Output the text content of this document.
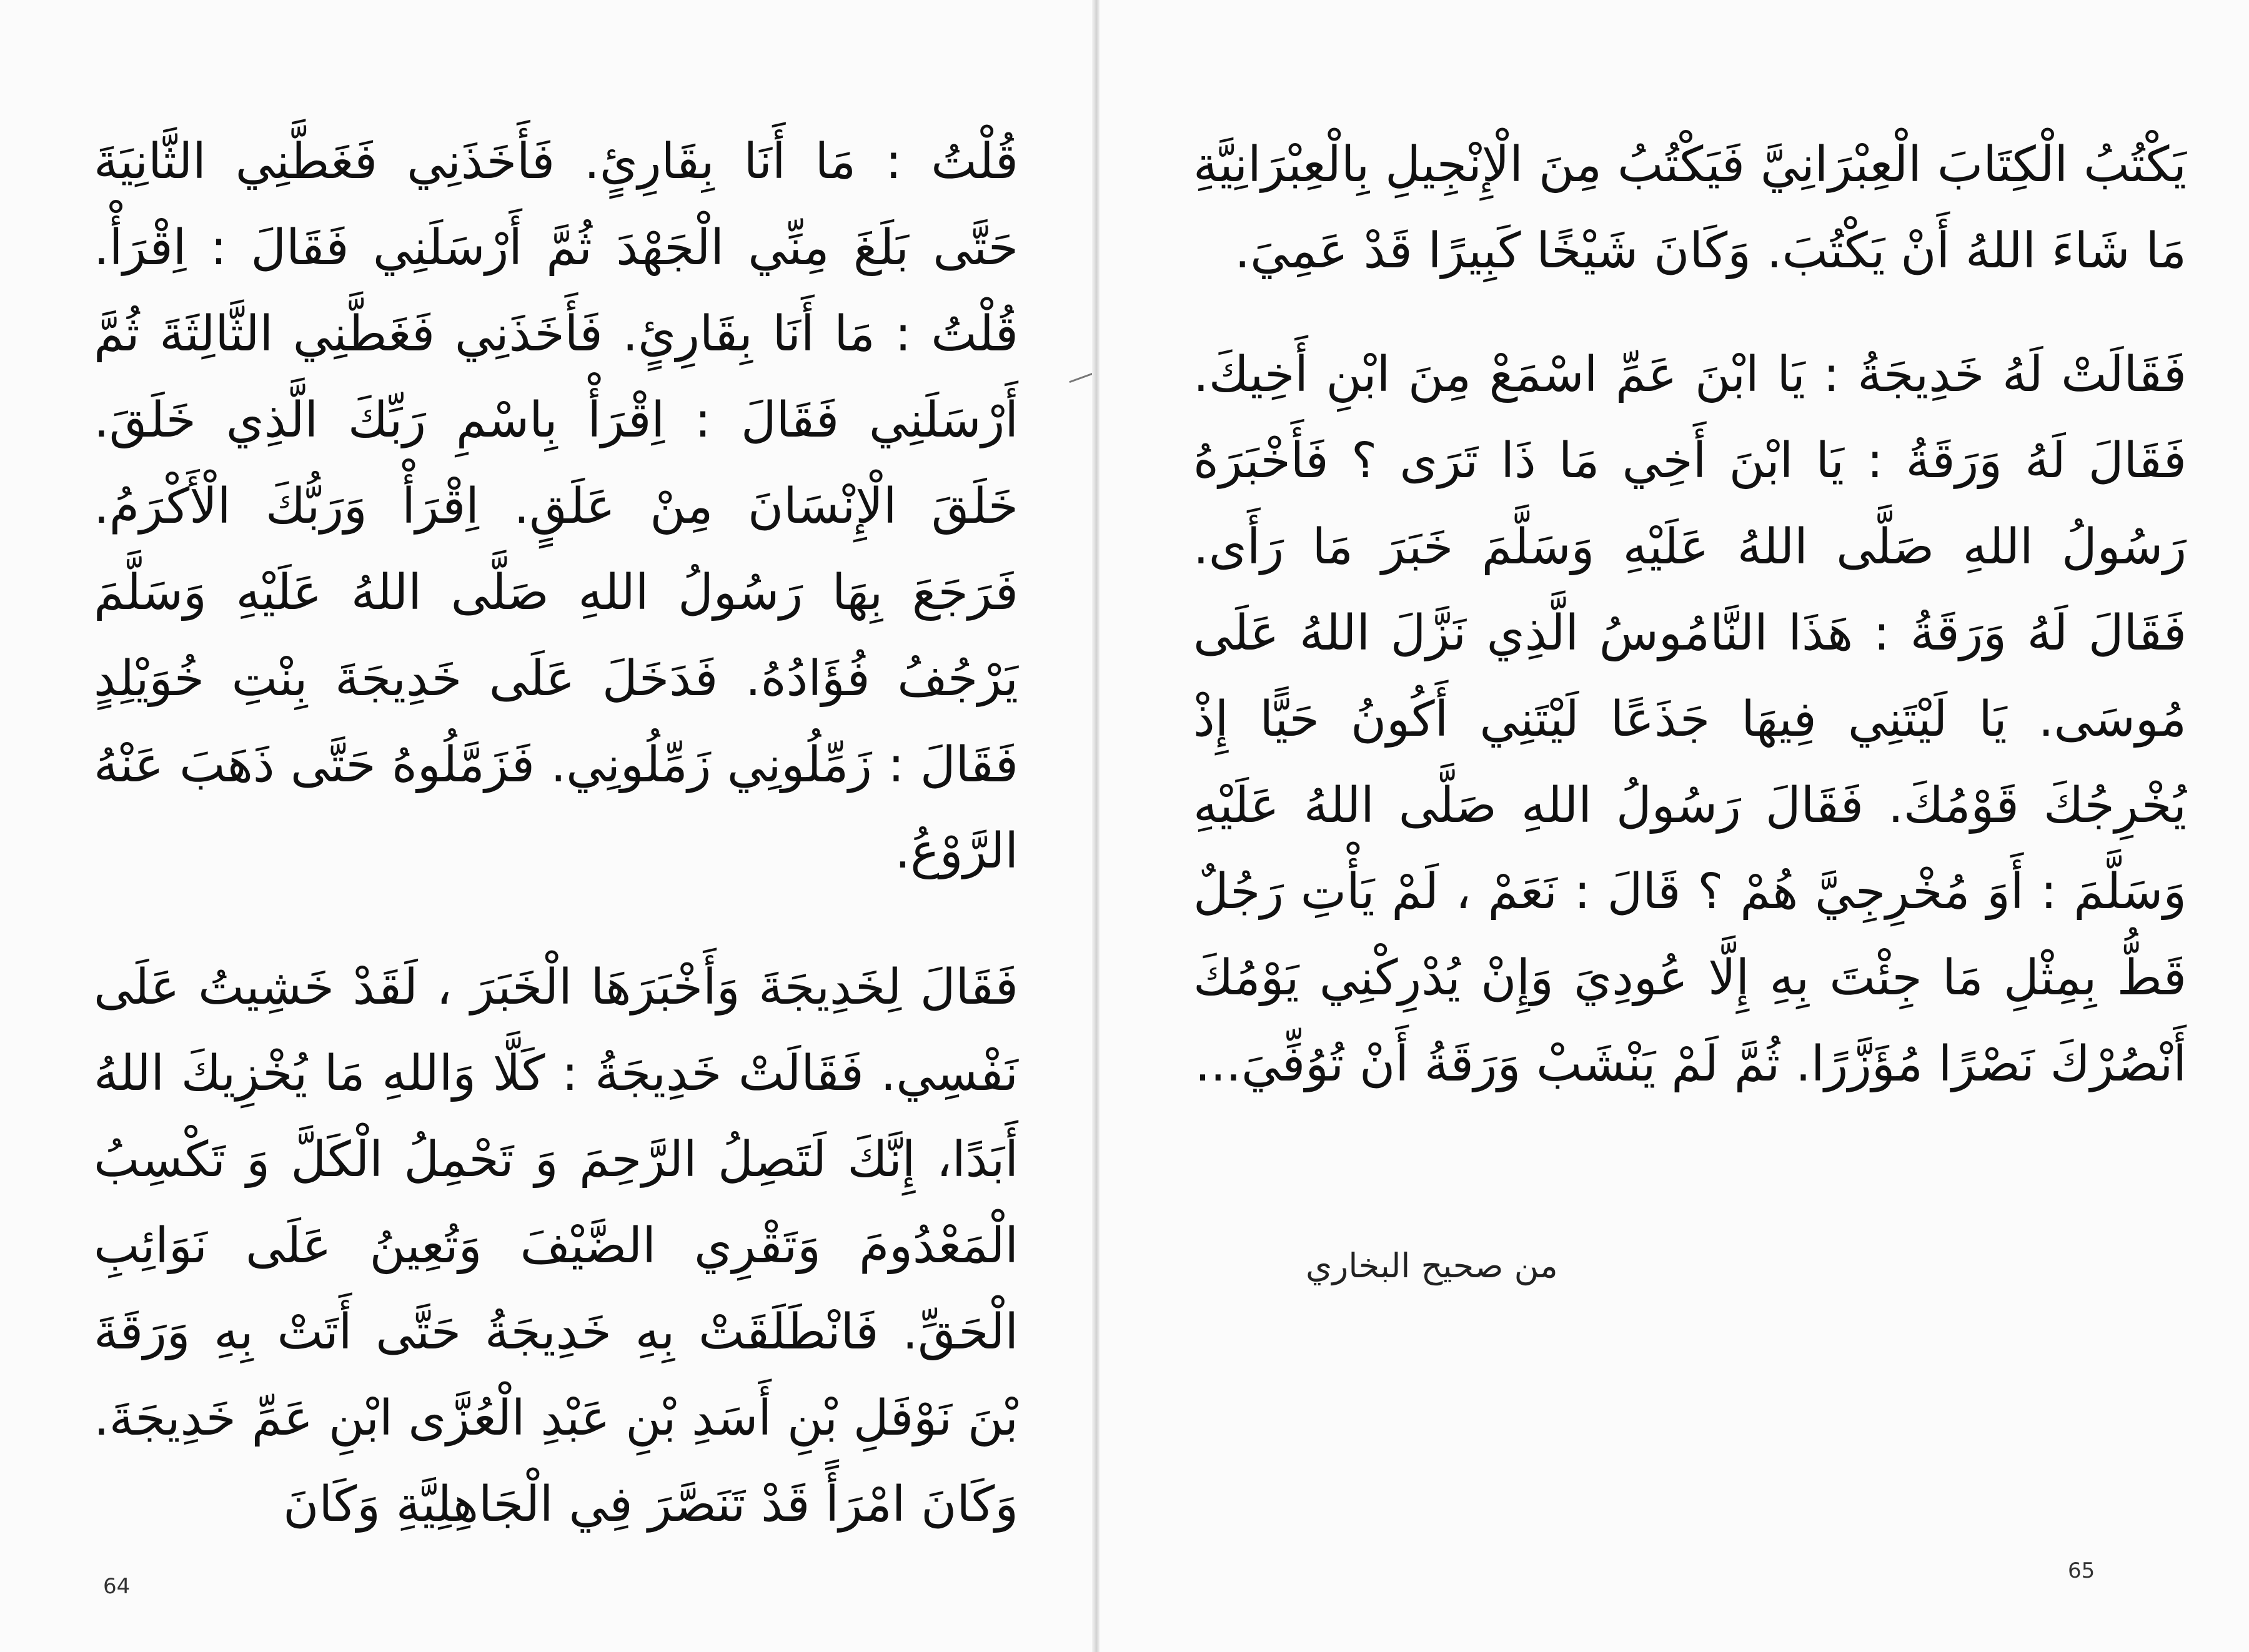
قُلْتُ : مَا أَنَا بِقَارِئٍ. فَأَخَذَنِي فَغَطَّنِي الثَّانِيَةَ حَتَّى بَلَغَ مِنِّي الْجَهْدَ ثُمَّ أَرْسَلَنِي فَقَالَ : اِقْرَأْ. قُلْتُ : مَا أَنَا بِقَارِئٍ. فَأَخَذَنِي فَغَطَّنِي الثَّالِثَةَ ثُمَّ أَرْسَلَنِي فَقَالَ : اِقْرَأْ بِاسْمِ رَبِّكَ الَّذِي خَلَقَ. خَلَقَ الْإِنْسَانَ مِنْ عَلَقٍ. اِقْرَأْ وَرَبُّكَ الْأَكْرَمُ. فَرَجَعَ بِهَا رَسُولُ اللهِ صَلَّى اللهُ عَلَيْهِ وَسَلَّمَ يَرْجُفُ فُؤَادُهُ. فَدَخَلَ عَلَى خَدِيجَةَ بِنْتِ خُوَيْلِدٍ فَقَالَ : زَمِّلُونِي زَمِّلُونِي. فَزَمَّلُوهُ حَتَّى ذَهَبَ عَنْهُ الرَّوْعُ.

فَقَالَ لِخَدِيجَةَ وَأَخْبَرَهَا الْخَبَرَ ، لَقَدْ خَشِيتُ عَلَى نَفْسِي. فَقَالَتْ خَدِيجَةُ : كَلَّا وَاللهِ مَا يُخْزِيكَ اللهُ أَبَدًا، إِنَّكَ لَتَصِلُ الرَّحِمَ وَ تَحْمِلُ الْكَلَّ وَ تَكْسِبُ الْمَعْدُومَ وَتَقْرِي الضَّيْفَ وَتُعِينُ عَلَى نَوَائِبِ الْحَقِّ. فَانْطَلَقَتْ بِهِ خَدِيجَةُ حَتَّى أَتَتْ بِهِ وَرَقَةَ بْنَ نَوْفَلِ بْنِ أَسَدِ بْنِ عَبْدِ الْعُزَّى ابْنِ عَمِّ خَدِيجَةَ. وَكَانَ امْرَأً قَدْ تَنَصَّرَ فِي الْجَاهِلِيَّةِ وَكَانَ

64

يَكْتُبُ الْكِتَابَ الْعِبْرَانِيَّ فَيَكْتُبُ مِنَ الْإِنْجِيلِ بِالْعِبْرَانِيَّةِ مَا شَاءَ اللهُ أَنْ يَكْتُبَ. وَكَانَ شَيْخًا كَبِيرًا قَدْ عَمِيَ.

فَقَالَتْ لَهُ خَدِيجَةُ : يَا ابْنَ عَمِّ اسْمَعْ مِنَ ابْنِ أَخِيكَ. فَقَالَ لَهُ وَرَقَةُ : يَا ابْنَ أَخِي مَا ذَا تَرَى ؟ فَأَخْبَرَهُ رَسُولُ اللهِ صَلَّى اللهُ عَلَيْهِ وَسَلَّمَ خَبَرَ مَا رَأَى. فَقَالَ لَهُ وَرَقَةُ : هَذَا النَّامُوسُ الَّذِي نَزَّلَ اللهُ عَلَى مُوسَى. يَا لَيْتَنِي فِيهَا جَذَعًا لَيْتَنِي أَكُونُ حَيًّا إِذْ يُخْرِجُكَ قَوْمُكَ. فَقَالَ رَسُولُ اللهِ صَلَّى اللهُ عَلَيْهِ وَسَلَّمَ : أَوَ مُخْرِجِيَّ هُمْ ؟ قَالَ : نَعَمْ ، لَمْ يَأْتِ رَجُلٌ قَطُّ بِمِثْلِ مَا جِئْتَ بِهِ إِلَّا عُودِيَ وَإِنْ يُدْرِكْنِي يَوْمُكَ أَنْصُرْكَ نَصْرًا مُؤَزَّرًا. ثُمَّ لَمْ يَنْشَبْ وَرَقَةُ أَنْ تُوُفِّيَ...

من صحيح البخاري
65
